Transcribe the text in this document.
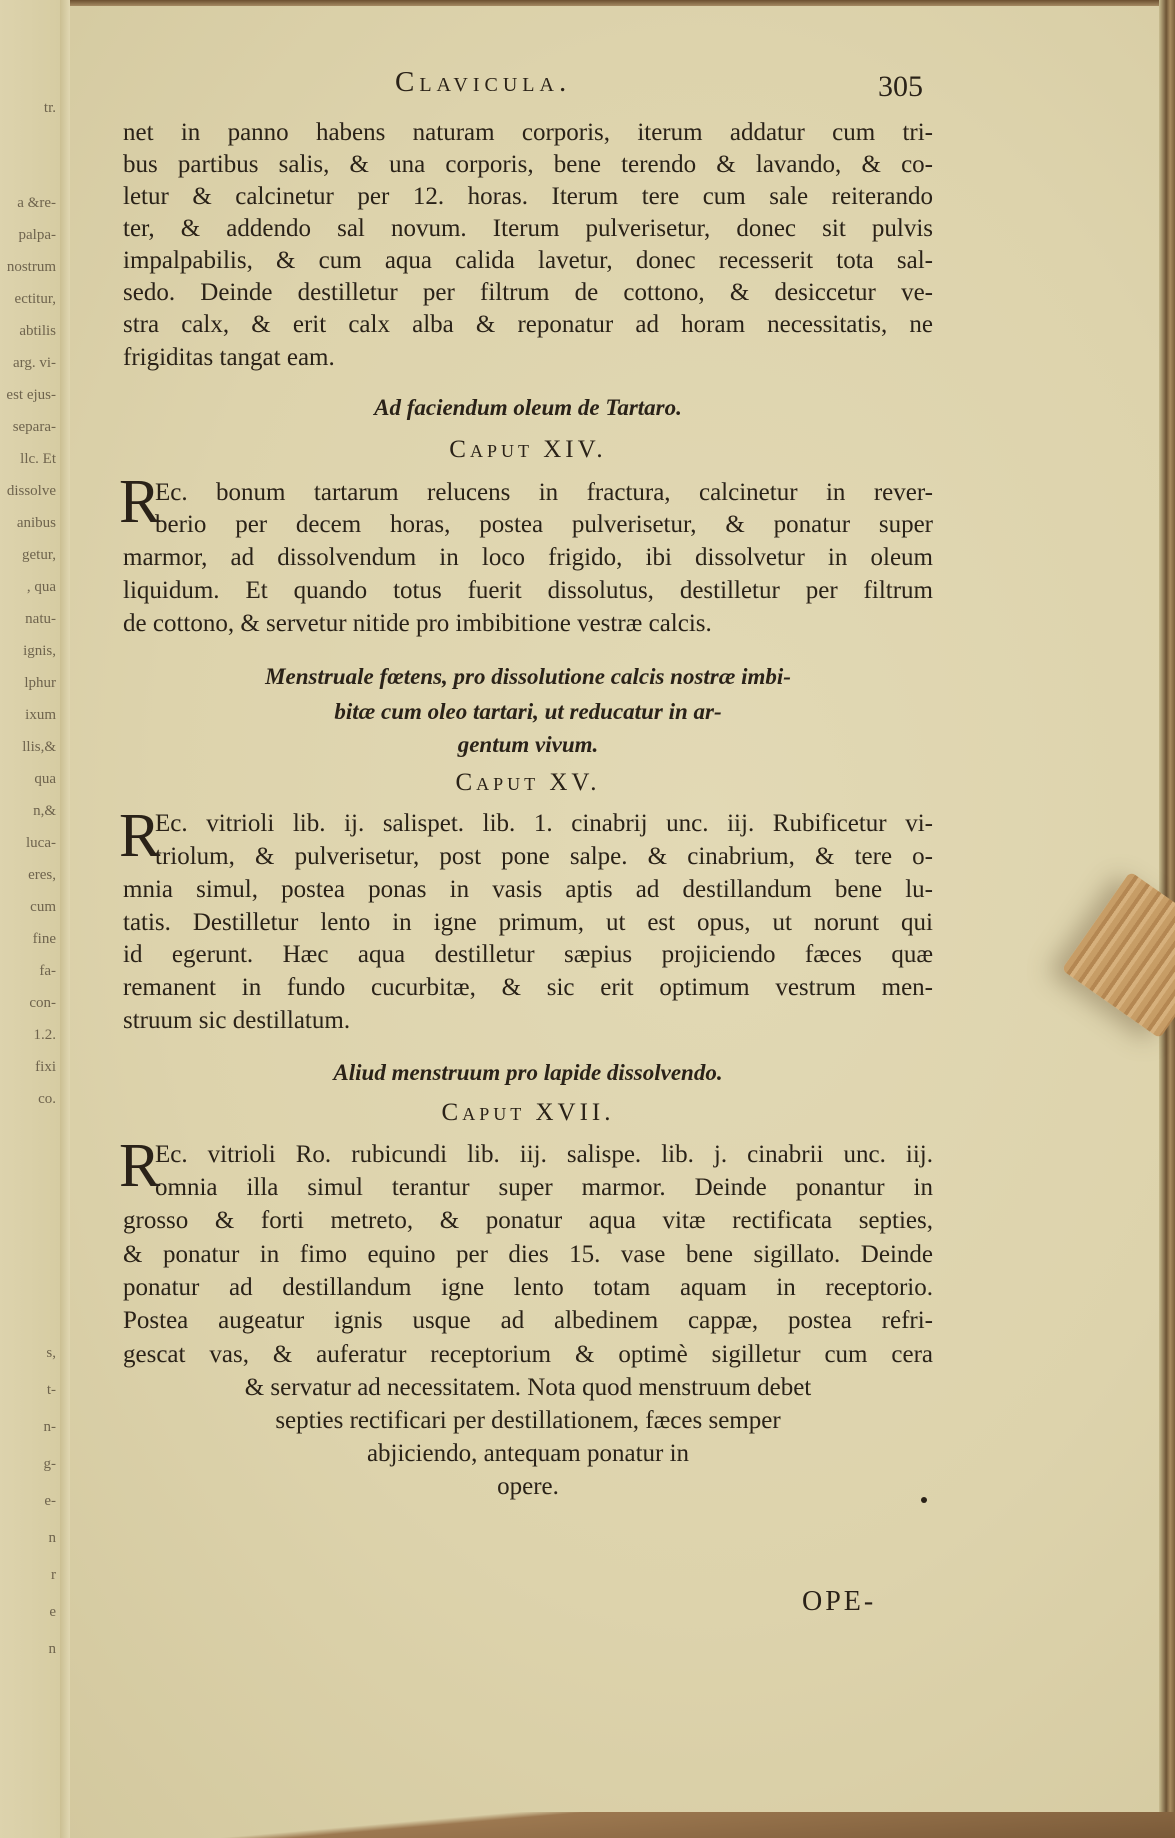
tr.
a &re-
palpa-
nostrum
ectitur,
abtilis
arg. vi-
est ejus-
separa-
llc. Et
dissolve
anibus
getur,
, qua
natu-
ignis,
lphur
ixum
llis,&
qua
n,&
luca-
eres,
cum
fine
fa-
con-
1.2.
fixi
co.
s,
t-
n-
g-
e-
n
r
e
n
Clavicula.	305
net in panno habens naturam corporis, iterum addatur cum tri-
bus partibus salis, & una corporis, bene terendo & lavando, & co-
letur & calcinetur per 12. horas. Iterum tere cum sale reiterando
ter, & addendo sal novum. Iterum pulverisetur, donec sit pulvis
impalpabilis, & cum aqua calida lavetur, donec recesserit tota sal-
sedo. Deinde destilletur per filtrum de cottono, & desiccetur ve-
stra calx, & erit calx alba & reponatur ad horam necessitatis, ne
frigiditas tangat eam.
Ad faciendum oleum de Tartaro.
Caput XIV.
R
Ec. bonum tartarum relucens in fractura, calcinetur in rever-
berio per decem horas, postea pulverisetur, & ponatur super
marmor, ad dissolvendum in loco frigido, ibi dissolvetur in oleum
liquidum. Et quando totus fuerit dissolutus, destilletur per filtrum
de cottono, & servetur nitide pro imbibitione vestræ calcis.
Menstruale fœtens, pro dissolutione calcis nostræ imbi-
bitæ cum oleo tartari, ut reducatur in ar-
gentum vivum.
Caput XV.
R
Ec. vitrioli lib. ij. salispet. lib. 1. cinabrij unc. iij. Rubificetur vi-
triolum, & pulverisetur, post pone salpe. & cinabrium, & tere o-
mnia simul, postea ponas in vasis aptis ad destillandum bene lu-
tatis. Destilletur lento in igne primum, ut est opus, ut norunt qui
id egerunt. Hæc aqua destilletur sæpius projiciendo fæces quæ
remanent in fundo cucurbitæ, & sic erit optimum vestrum men-
struum sic destillatum.
Aliud menstruum pro lapide dissolvendo.
Caput XVII.
R
Ec. vitrioli Ro. rubicundi lib. iij. salispe. lib. j. cinabrii unc. iij.
omnia illa simul terantur super marmor. Deinde ponantur in
grosso & forti metreto, & ponatur aqua vitæ rectificata septies,
& ponatur in fimo equino per dies 15. vase bene sigillato. Deinde
ponatur ad destillandum igne lento totam aquam in receptorio.
Postea augeatur ignis usque ad albedinem cappæ, postea refri-
gescat vas, & auferatur receptorium & optimè sigilletur cum cera
& servatur ad necessitatem. Nota quod menstruum debet
septies rectificari per destillationem, fæces semper
abjiciendo, antequam ponatur in
opere.
OPE-
